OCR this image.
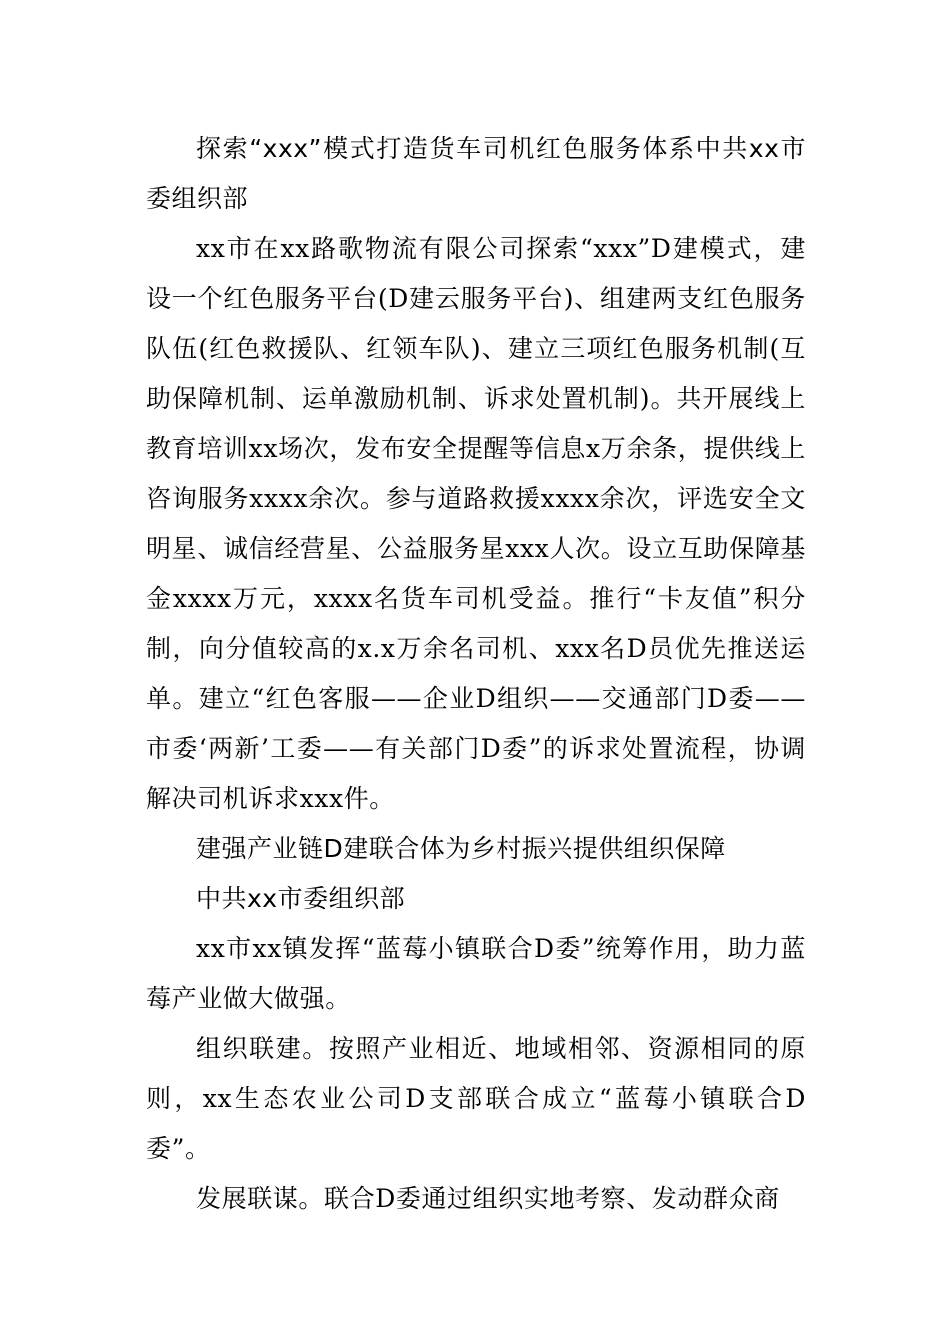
探索“xxx”模式打造货车司机红色服务体系中共xx市委组织部

xx市在xx路歌物流有限公司探索“xxx”D建模式，建设一个红色服务平台(D建云服务平台)、组建两支红色服务队伍(红色救援队、红领车队)、建立三项红色服务机制(互助保障机制、运单激励机制、诉求处置机制)。共开展线上教育培训xx场次，发布安全提醒等信息x万余条，提供线上咨询服务xxxx余次。参与道路救援xxxx余次，评选安全文明星、诚信经营星、公益服务星xxx人次。设立互助保障基金xxxx万元，xxxx名货车司机受益。推行“卡友值”积分制，向分值较高的x.x万余名司机、xxx名D员优先推送运单。建立“红色客服——企业D组织——交通部门D委——市委‘两新’工委——有关部门D委”的诉求处置流程，协调解决司机诉求xxx件。

建强产业链D建联合体为乡村振兴提供组织保障

中共xx市委组织部

xx市xx镇发挥“蓝莓小镇联合D委”统筹作用，助力蓝莓产业做大做强。

组织联建。按照产业相近、地域相邻、资源相同的原则，xx生态农业公司D支部联合成立“蓝莓小镇联合D委”。

发展联谋。联合D委通过组织实地考察、发动群众商
